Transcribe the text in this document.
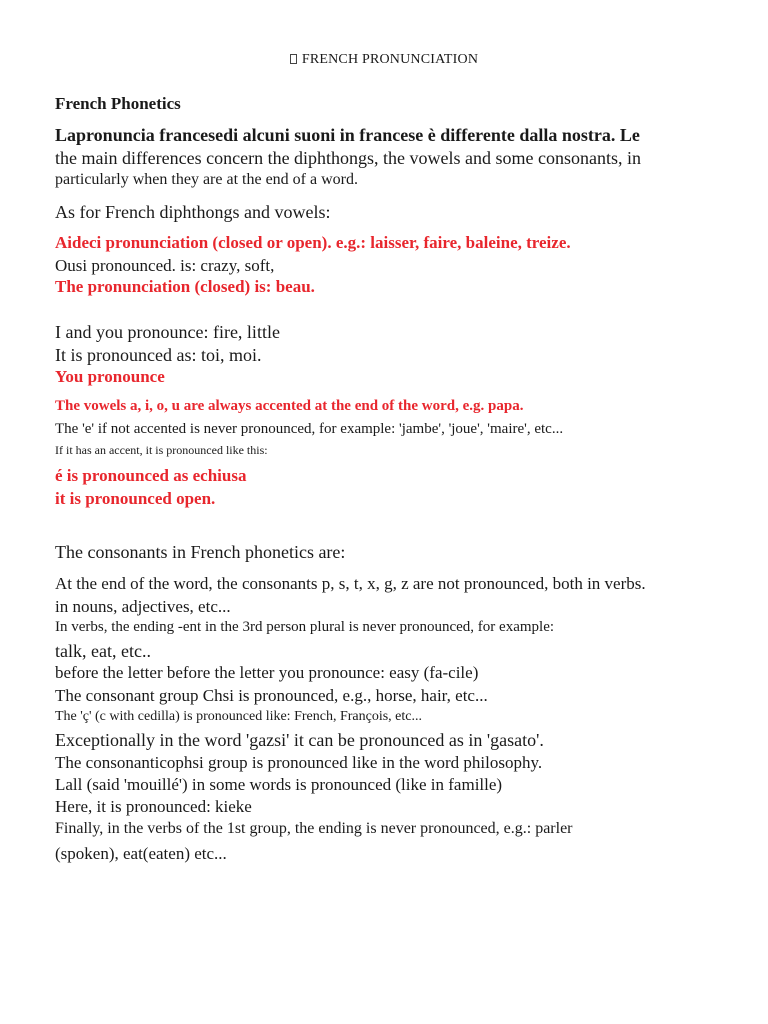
FRENCH PRONUNCIATION
French Phonetics
Lapronuncia francesedi alcuni suoni in francese è differente dalla nostra. Le
the main differences concern the diphthongs, the vowels and some consonants, in
particularly when they are at the end of a word.
As for French diphthongs and vowels:
Aideci pronunciation (closed or open). e.g.: laisser, faire, baleine, treize.
Ousi pronounced. is: crazy, soft,
The pronunciation (closed) is: beau.
I and you pronounce: fire, little
It is pronounced as: toi, moi.
You pronounce
The vowels a, i, o, u are always accented at the end of the word, e.g. papa.
The 'e' if not accented is never pronounced, for example: 'jambe', 'joue', 'maire', etc...
If it has an accent, it is pronounced like this:
é is pronounced as echiusa
it is pronounced open.
The consonants in French phonetics are:
At the end of the word, the consonants p, s, t, x, g, z are not pronounced, both in verbs.
in nouns, adjectives, etc...
In verbs, the ending -ent in the 3rd person plural is never pronounced, for example:
talk, eat, etc..
before the letter before the letter you pronounce: easy (fa-cile)
The consonant group Chsi is pronounced, e.g., horse, hair, etc...
The 'ç' (c with cedilla) is pronounced like: French, François, etc...
Exceptionally in the word 'gazsi' it can be pronounced as in 'gasato'.
The consonanticophsi group is pronounced like in the word philosophy.
Lall (said 'mouillé') in some words is pronounced (like in famille)
Here, it is pronounced: kieke
Finally, in the verbs of the 1st group, the ending is never pronounced, e.g.: parler
(spoken), eat(eaten) etc...
